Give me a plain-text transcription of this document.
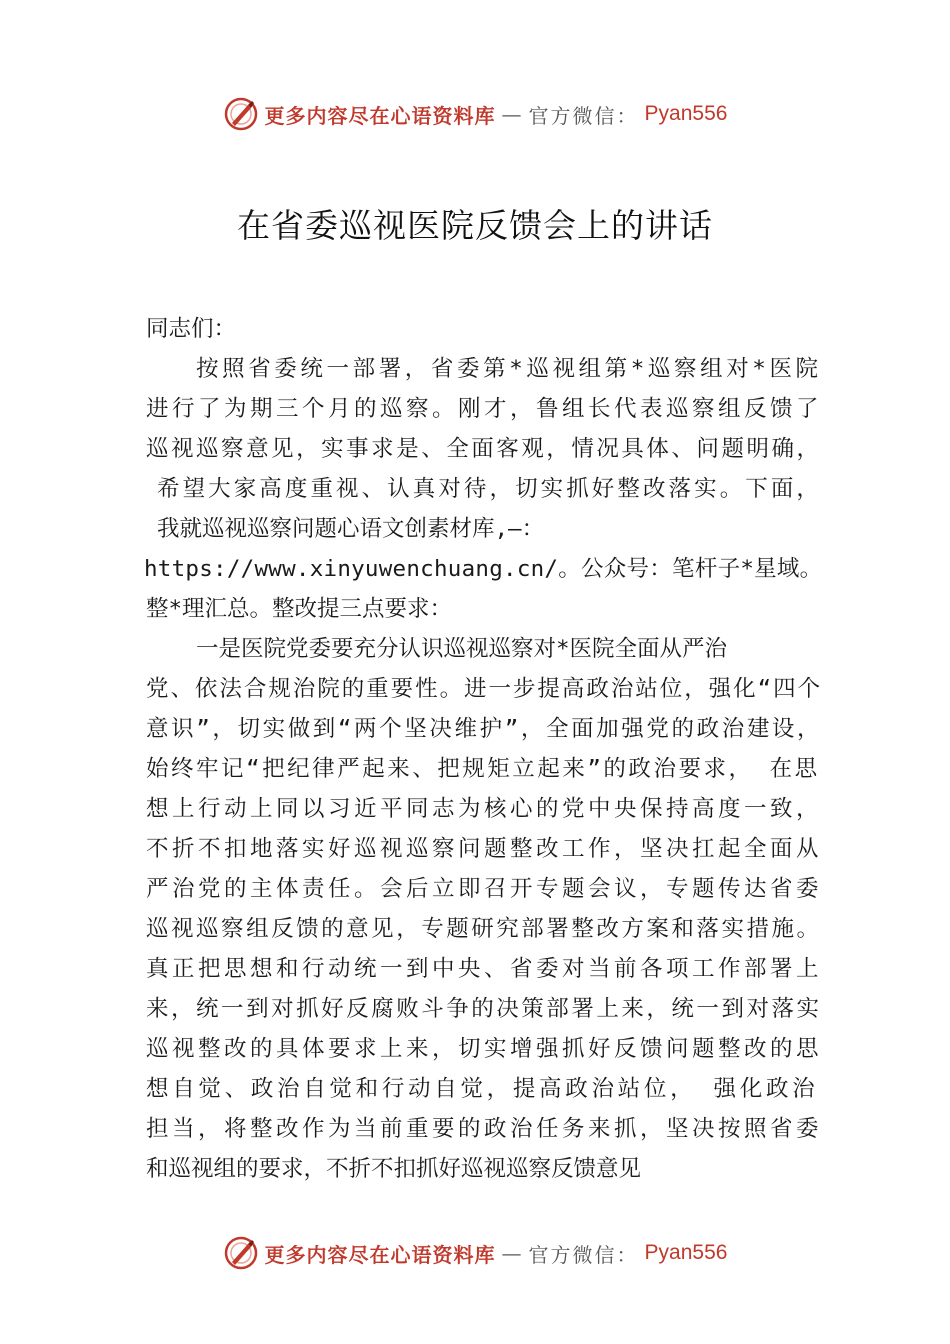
更多内容尽在心语资料库 — 官方微信： Pyan556
在省委巡视医院反馈会上的讲话
同志们：
按照省委统一部署，省委第*巡视组第*巡察组对*医院
进行了为期三个月的巡察。刚才，鲁组长代表巡察组反馈了
巡视巡察意见，实事求是、全面客观，情况具体、问题明确，
希望大家高度重视、认真对待，切实抓好整改落实。下面，
我就巡视巡察问题心语文创素材库,—：
https://www.xinyuwenchuang.cn/。公众号：笔杆子*星域。
整*理汇总。整改提三点要求：
一是医院党委要充分认识巡视巡察对*医院全面从严治
党、依法合规治院的重要性。进一步提高政治站位，强化“四个
意识”，切实做到“两个坚决维护”，全面加强党的政治建设，
始终牢记“把纪律严起来、把规矩立起来”的政治要求， 在思
想上行动上同以习近平同志为核心的党中央保持高度一致，
不折不扣地落实好巡视巡察问题整改工作，坚决扛起全面从
严治党的主体责任。会后立即召开专题会议，专题传达省委
巡视巡察组反馈的意见，专题研究部署整改方案和落实措施。
真正把思想和行动统一到中央、省委对当前各项工作部署上
来，统一到对抓好反腐败斗争的决策部署上来，统一到对落实
巡视整改的具体要求上来，切实增强抓好反馈问题整改的思
想自觉、政治自觉和行动自觉，提高政治站位， 强化政治
担当，将整改作为当前重要的政治任务来抓，坚决按照省委
和巡视组的要求，不折不扣抓好巡视巡察反馈意见
更多内容尽在心语资料库 — 官方微信： Pyan556
